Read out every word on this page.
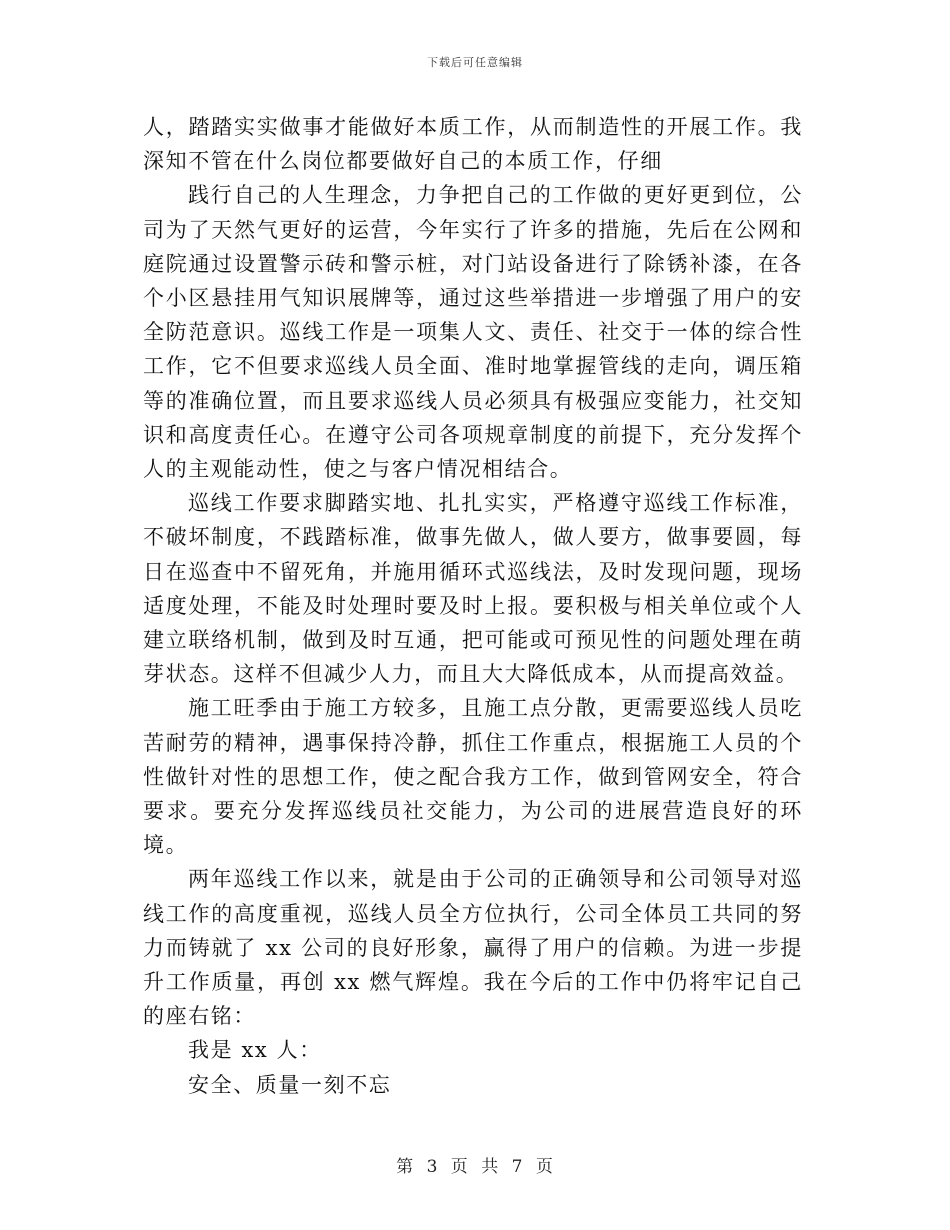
下载后可任意编辑

人，踏踏实实做事才能做好本质工作，从而制造性的开展工作。我深知不管在什么岗位都要做好自己的本质工作，仔细

践行自己的人生理念，力争把自己的工作做的更好更到位，公司为了天然气更好的运营，今年实行了许多的措施，先后在公网和庭院通过设置警示砖和警示桩，对门站设备进行了除锈补漆，在各个小区悬挂用气知识展牌等，通过这些举措进一步增强了用户的安全防范意识。巡线工作是一项集人文、责任、社交于一体的综合性工作，它不但要求巡线人员全面、准时地掌握管线的走向，调压箱等的准确位置，而且要求巡线人员必须具有极强应变能力，社交知识和高度责任心。在遵守公司各项规章制度的前提下，充分发挥个人的主观能动性，使之与客户情况相结合。

巡线工作要求脚踏实地、扎扎实实，严格遵守巡线工作标准，不破坏制度，不践踏标准，做事先做人，做人要方，做事要圆，每日在巡查中不留死角，并施用循环式巡线法，及时发现问题，现场适度处理，不能及时处理时要及时上报。要积极与相关单位或个人建立联络机制，做到及时互通，把可能或可预见性的问题处理在萌芽状态。这样不但减少人力，而且大大降低成本，从而提高效益。

施工旺季由于施工方较多，且施工点分散，更需要巡线人员吃苦耐劳的精神，遇事保持冷静，抓住工作重点，根据施工人员的个性做针对性的思想工作，使之配合我方工作，做到管网安全，符合要求。要充分发挥巡线员社交能力，为公司的进展营造良好的环境。

两年巡线工作以来，就是由于公司的正确领导和公司领导对巡线工作的高度重视，巡线人员全方位执行，公司全体员工共同的努力而铸就了 xx 公司的良好形象，赢得了用户的信赖。为进一步提升工作质量，再创 xx 燃气辉煌。我在今后的工作中仍将牢记自己的座右铭：

我是 xx 人：

安全、质量一刻不忘

第 3 页 共 7 页
